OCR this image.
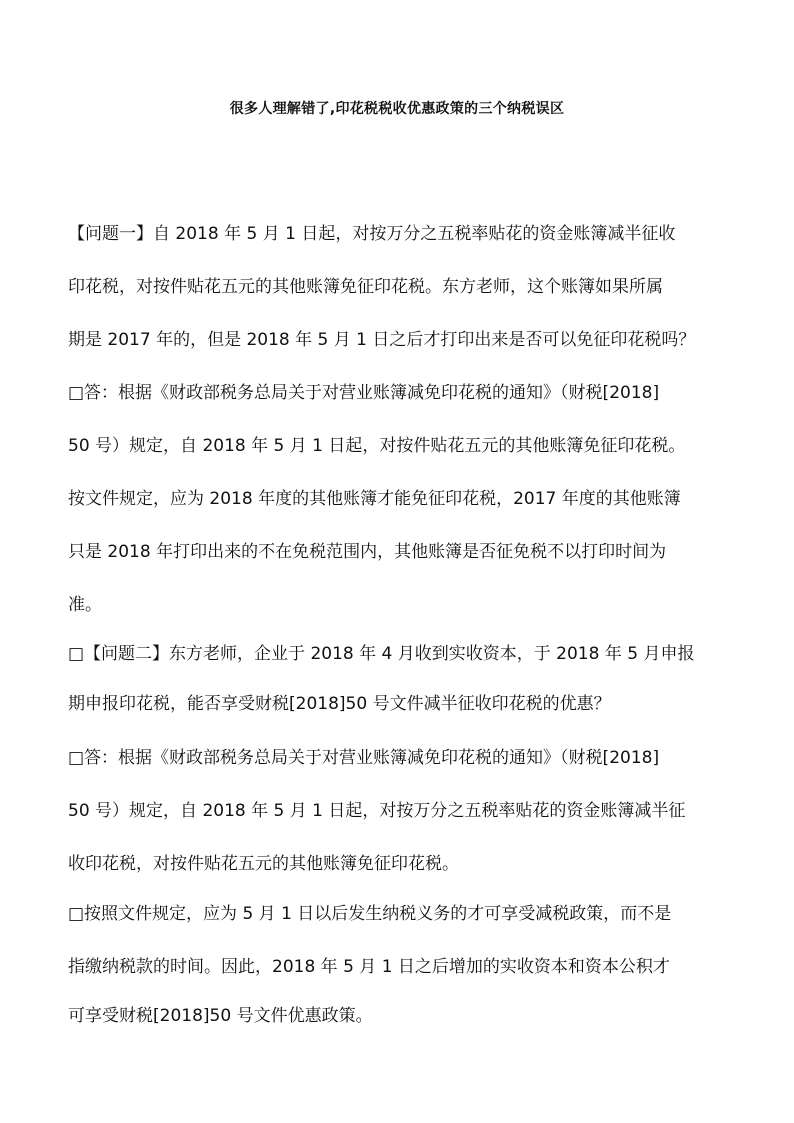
很多人理解错了,印花税税收优惠政策的三个纳税误区
【问题一】自 2018 年 5 月 1 日起，对按万分之五税率贴花的资金账簿减半征收
印花税，对按件贴花五元的其他账簿免征印花税。东方老师，这个账簿如果所属
期是 2017 年的，但是 2018 年 5 月 1 日之后才打印出来是否可以免征印花税吗？
□答：根据《财政部税务总局关于对营业账簿减免印花税的通知》（财税[2018]
50 号）规定，自 2018 年 5 月 1 日起，对按件贴花五元的其他账簿免征印花税。
按文件规定，应为 2018 年度的其他账簿才能免征印花税，2017 年度的其他账簿
只是 2018 年打印出来的不在免税范围内，其他账簿是否征免税不以打印时间为
准。
□【问题二】东方老师，企业于 2018 年 4 月收到实收资本，于 2018 年 5 月申报
期申报印花税，能否享受财税[2018]50 号文件减半征收印花税的优惠？
□答：根据《财政部税务总局关于对营业账簿减免印花税的通知》（财税[2018]
50 号）规定，自 2018 年 5 月 1 日起，对按万分之五税率贴花的资金账簿减半征
收印花税，对按件贴花五元的其他账簿免征印花税。
□按照文件规定，应为 5 月 1 日以后发生纳税义务的才可享受减税政策，而不是
指缴纳税款的时间。因此，2018 年 5 月 1 日之后增加的实收资本和资本公积才
可享受财税[2018]50 号文件优惠政策。
